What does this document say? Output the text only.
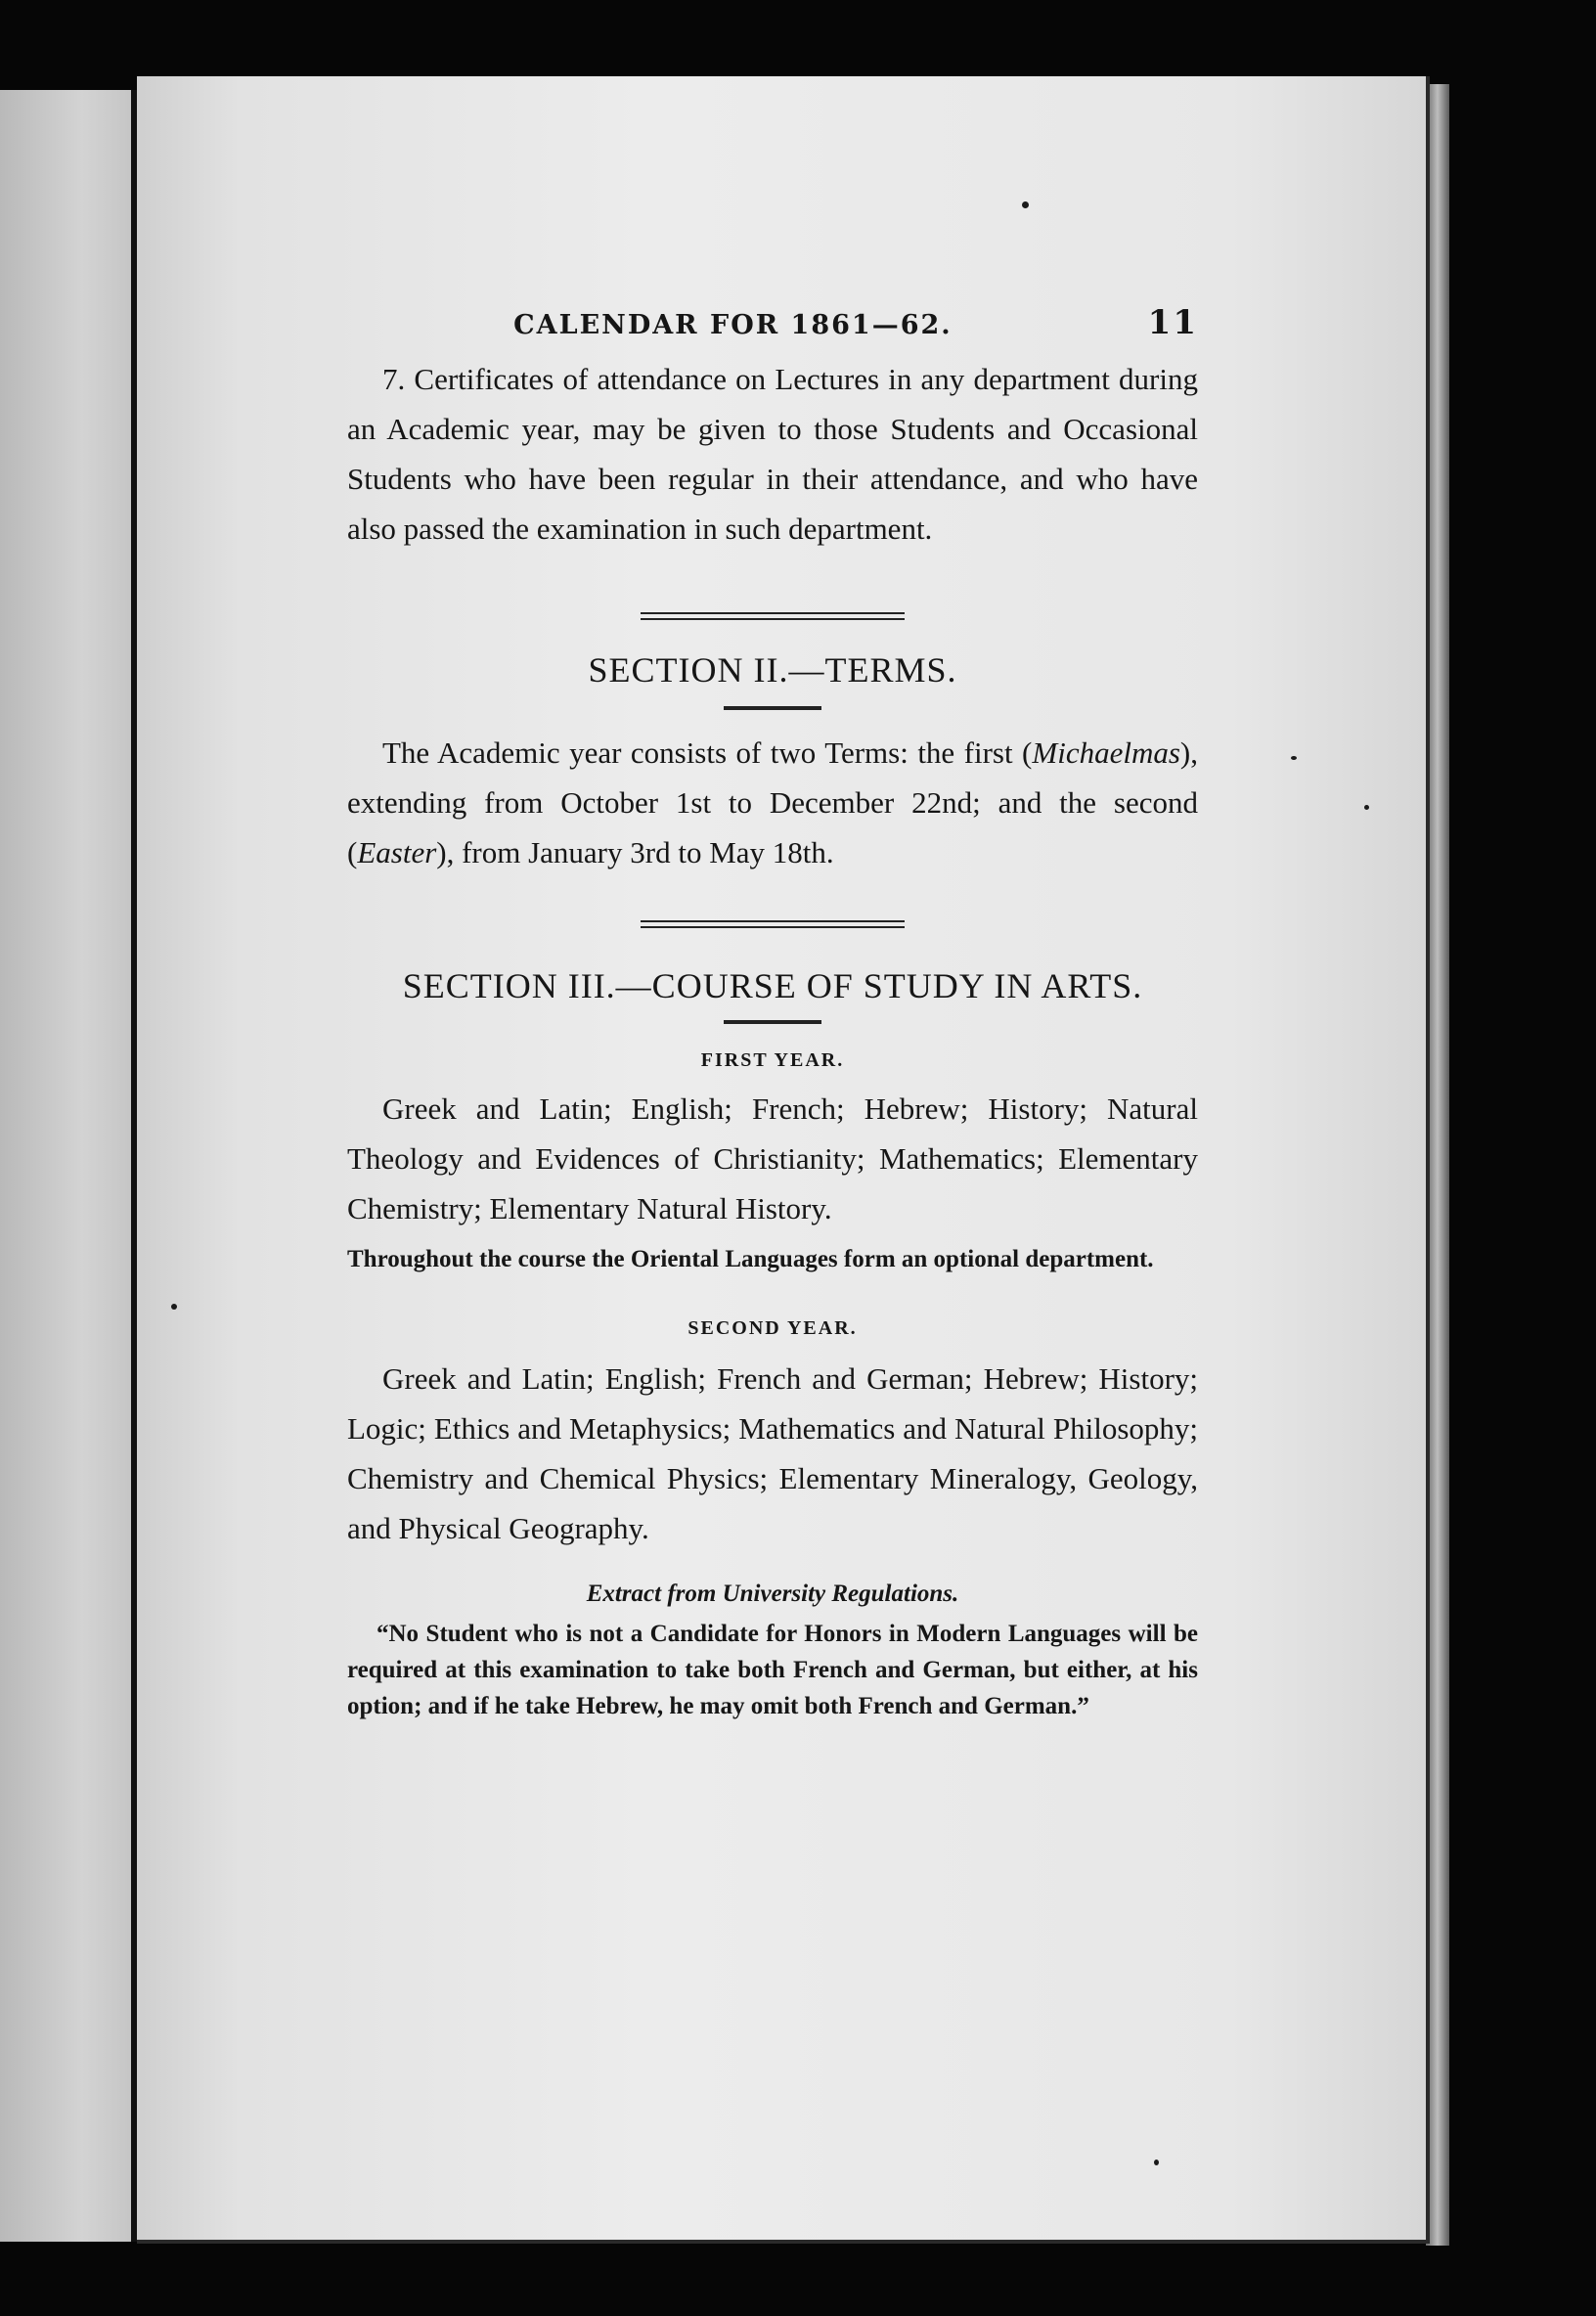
CALENDAR FOR 1861—62.	11

7. Certificates of attendance on Lectures in any department during an Academic year, may be given to those Students and Occasional Students who have been regular in their attendance, and who have also passed the examination in such department.

SECTION II.—TERMS.

The Academic year consists of two Terms: the first (Michaelmas), extending from October 1st to December 22nd; and the second (Easter), from January 3rd to May 18th.

SECTION III.—COURSE OF STUDY IN ARTS.
FIRST YEAR.

Greek and Latin; English; French; Hebrew; History; Natural Theology and Evidences of Christianity; Mathematics; Elementary Chemistry; Elementary Natural History.

Throughout the course the Oriental Languages form an optional department.

SECOND YEAR.

Greek and Latin; English; French and German; Hebrew; History; Logic; Ethics and Metaphysics; Mathematics and Natural Philosophy; Chemistry and Chemical Physics; Elementary Mineralogy, Geology, and Physical Geography.

Extract from University Regulations.

“No Student who is not a Candidate for Honors in Modern Languages will be required at this examination to take both French and German, but either, at his option; and if he take Hebrew, he may omit both French and German.”
